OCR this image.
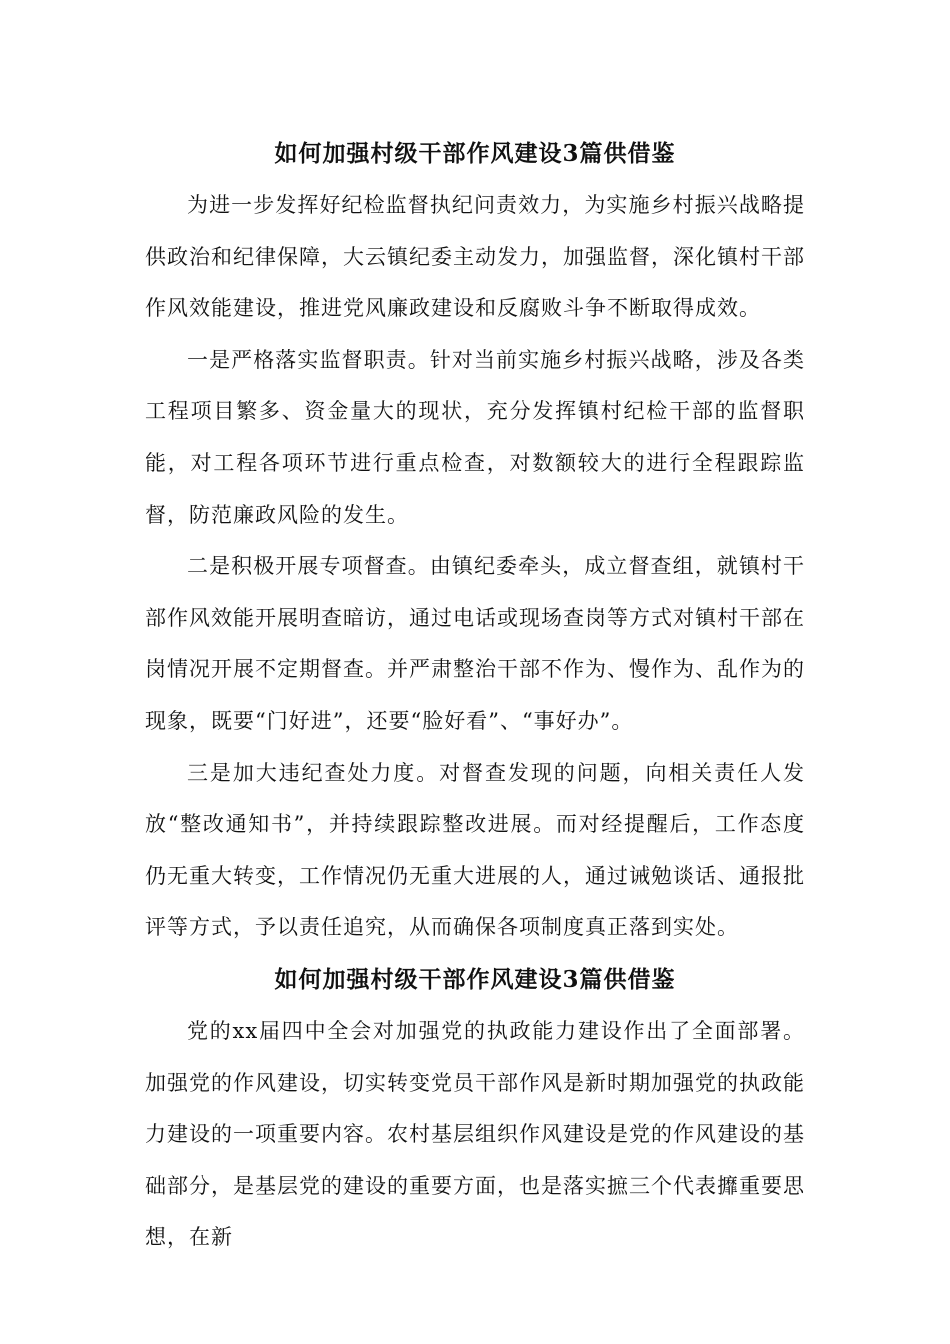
如何加强村级干部作风建设3篇供借鉴

为进一步发挥好纪检监督执纪问责效力，为实施乡村振兴战略提供政治和纪律保障，大云镇纪委主动发力，加强监督，深化镇村干部作风效能建设，推进党风廉政建设和反腐败斗争不断取得成效。

一是严格落实监督职责。针对当前实施乡村振兴战略，涉及各类工程项目繁多、资金量大的现状，充分发挥镇村纪检干部的监督职能，对工程各项环节进行重点检查，对数额较大的进行全程跟踪监督，防范廉政风险的发生。

二是积极开展专项督查。由镇纪委牵头，成立督查组，就镇村干部作风效能开展明查暗访，通过电话或现场查岗等方式对镇村干部在岗情况开展不定期督查。并严肃整治干部不作为、慢作为、乱作为的现象，既要“门好进”，还要“脸好看”、“事好办”。

三是加大违纪查处力度。对督查发现的问题，向相关责任人发放“整改通知书”，并持续跟踪整改进展。而对经提醒后，工作态度仍无重大转变，工作情况仍无重大进展的人，通过诫勉谈话、通报批评等方式，予以责任追究，从而确保各项制度真正落到实处。

如何加强村级干部作风建设3篇供借鉴

党的xx届四中全会对加强党的执政能力建设作出了全面部署。加强党的作风建设，切实转变党员干部作风是新时期加强党的执政能力建设的一项重要内容。农村基层组织作风建设是党的作风建设的基础部分，是基层党的建设的重要方面，也是落实摭三个代表攠重要思想，在新
